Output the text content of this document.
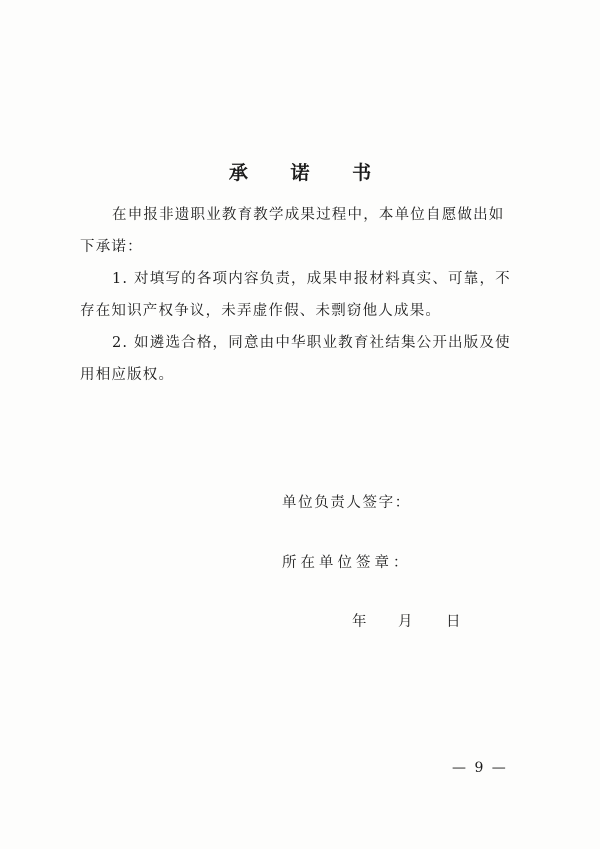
承 诺 书
在申报非遗职业教育教学成果过程中，本单位自愿做出如下承诺：
1. 对填写的各项内容负责，成果申报材料真实、可靠，不存在知识产权争议，未弄虚作假、未剽窃他人成果。
2. 如遴选合格，同意由中华职业教育社结集公开出版及使用相应版权。
单位负责人签字：
所在单位签章：
年 月 日
— 9 —
